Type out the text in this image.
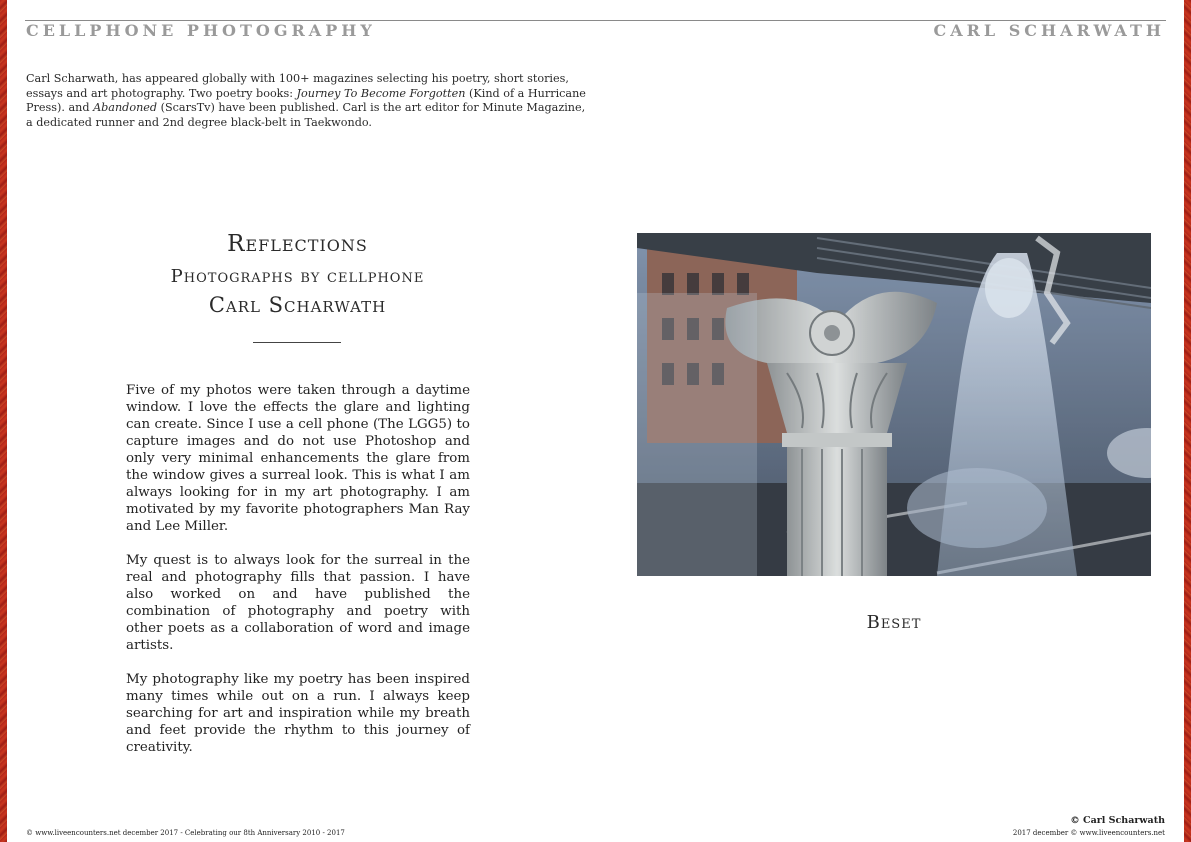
CELLPHONE PHOTOGRAPHY	CARL SCHARWATH
Carl Scharwath, has appeared globally with 100+ magazines selecting his poetry, short stories, essays and art photography. Two poetry books: Journey To Become Forgotten (Kind of a Hurricane Press). and Abandoned (ScarsTv) have been published. Carl is the art editor for Minute Magazine, a dedicated runner and 2nd degree black-belt in Taekwondo.
Reflections
Photographs by cellphone
Carl Scharwath

Five of my photos were taken through a daytime window. I love the effects the glare and lighting can create. Since I use a cell phone (The LGG5) to capture images and do not use Photoshop and only very minimal enhancements the glare from the window gives a surreal look. This is what I am always looking for in my art photography. I am motivated by my favorite photographers Man Ray and Lee Miller.

My quest is to always look for the surreal in the real and photography fills that passion. I have also worked on and have published the combination of photography and poetry with other poets as a collaboration of word and image artists.

My photography like my poetry has been inspired many times while out on a run. I always keep searching for art and inspiration while my breath and feet provide the rhythm to this journey of creativity.

Beset
© www.liveencounters.net december 2017 - Celebrating our 8th Anniversary 2010 - 2017
© Carl Scharwath
2017 december © www.liveencounters.net
